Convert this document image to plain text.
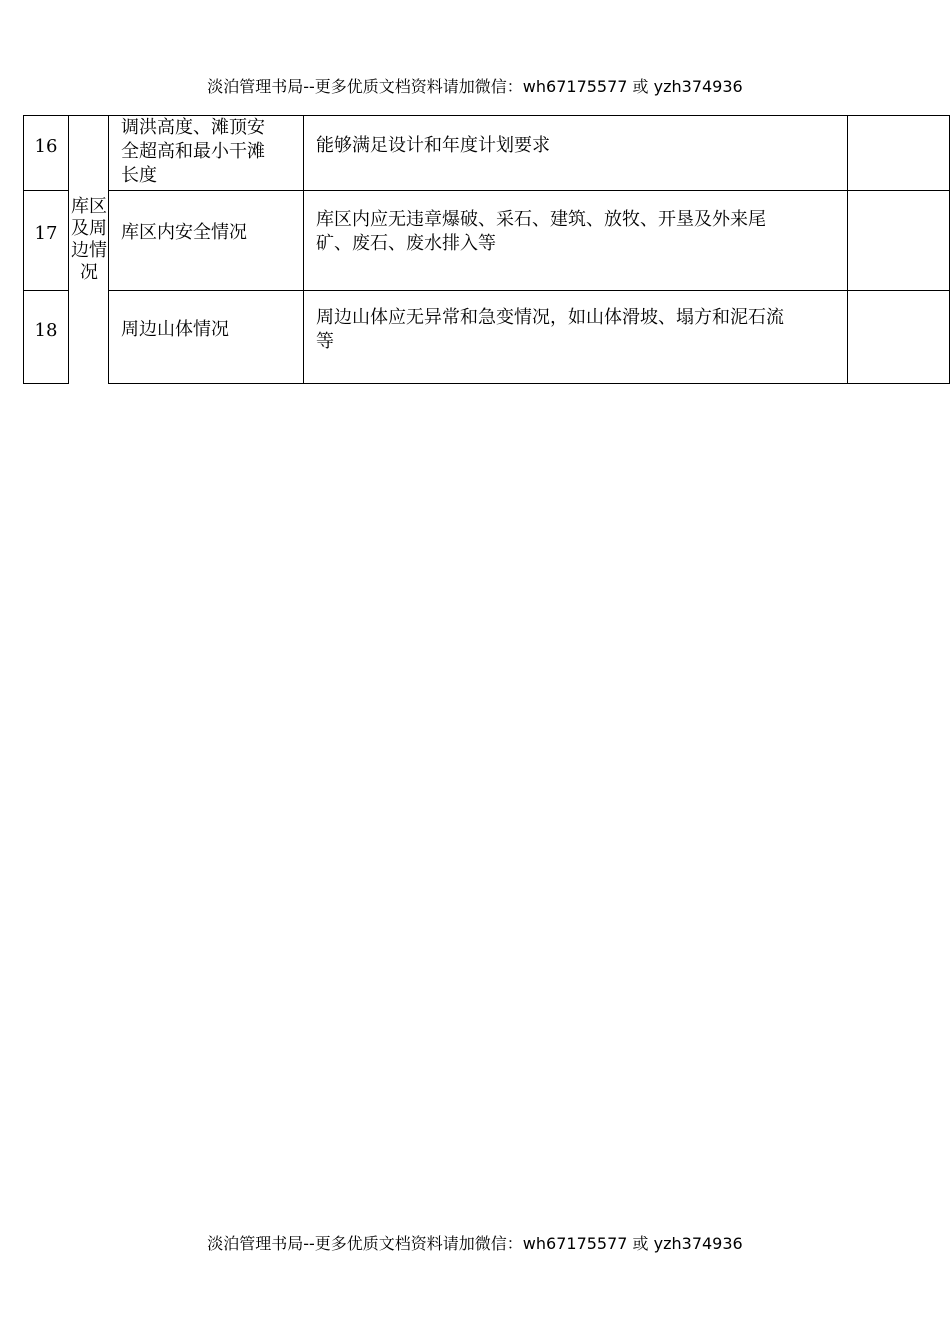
淡泊管理书局--更多优质文档资料请加微信：wh67175577 或 yzh374936
库区及周边情况
16
调洪高度、滩顶安
全超高和最小干滩
长度
能够满足设计和年度计划要求
17	库区内安全情况
库区内应无违章爆破、采石、建筑、放牧、开垦及外来尾
矿、废石、废水排入等
18	周边山体情况
周边山体应无异常和急变情况，如山体滑坡、塌方和泥石流
等
淡泊管理书局--更多优质文档资料请加微信：wh67175577 或 yzh374936
